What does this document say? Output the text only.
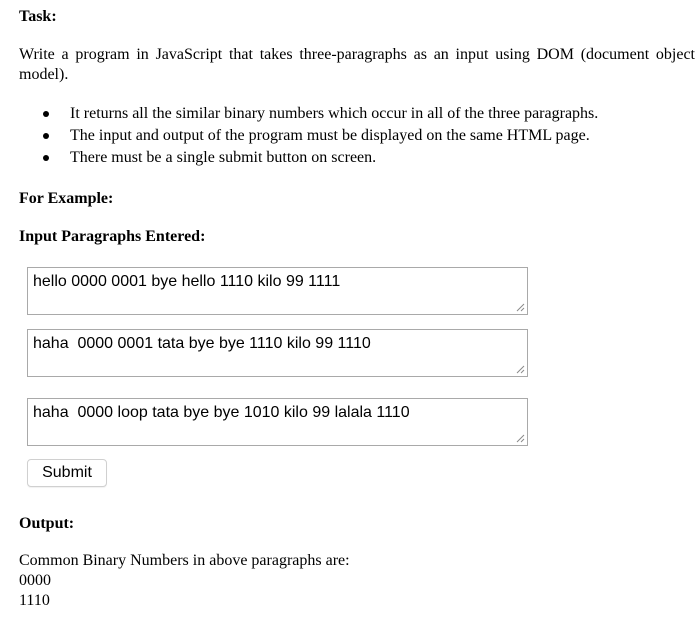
Task:

Write a program in JavaScript that takes three-paragraphs as an input using DOM (document object model).

It returns all the similar binary numbers which occur in all of the three paragraphs.
The input and output of the program must be displayed on the same HTML page.
There must be a single submit button on screen.

For Example:

Input Paragraphs Entered:

hello 0000 0001 bye hello 1110 kilo 99 1111
haha  0000 0001 tata bye bye 1110 kilo 99 1110
haha  0000 loop tata bye bye 1010 kilo 99 lalala 1110
Submit

Output:

Common Binary Numbers in above paragraphs are:
0000
1110
